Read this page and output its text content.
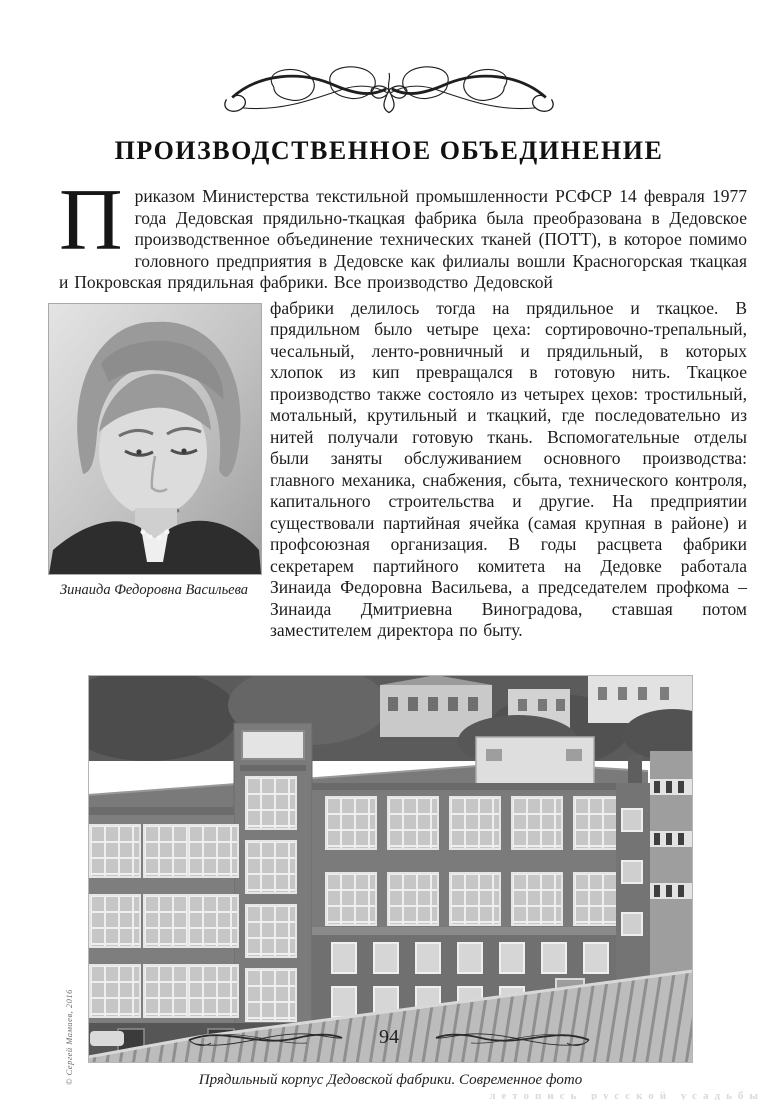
ПРОИЗВОДСТВЕННОЕ ОБЪЕДИНЕНИЕ

Приказом Министерства текстильной промышленности РСФСР 14 февраля 1977 года Дедовская прядильно-ткацкая фабрика была преобразована в Дедовское производственное объединение технических тканей (ПОТТ), в которое помимо головного предприятия в Дедовске как филиалы вошли Красногорская ткацкая и Покровская прядильная фабрики. Все производство Дедовской

Зинаида Федоровна Васильева

фабрики делилось тогда на прядильное и ткацкое. В прядильном было четыре цеха: сортировочно-трепальный, чесальный, ленто-ровничный и прядильный, в которых хлопок из кип превращался в готовую нить. Ткацкое производство также состояло из четырех цехов: тростильный, мотальный, крутильный и ткацкий, где последовательно из нитей получали готовую ткань. Вспомогательные отделы были заняты обслуживанием основного производства: главного механика, снабжения, сбыта, технического контроля, капитального строительства и другие. На предприятии существовали партийная ячейка (самая крупная в районе) и профсоюзная организация. В годы расцвета фабрики секретарем партийного комитета на Дедовке работала Зинаида Федоровна Васильева, а председателем профкома – Зинаида Дмитриевна Виноградова, ставшая потом заместителем директора по быту.

© Сергей Мамаев, 2016	Прядильный корпус Дедовской фабрики. Современное фото
94
летопись русской усадьбы
